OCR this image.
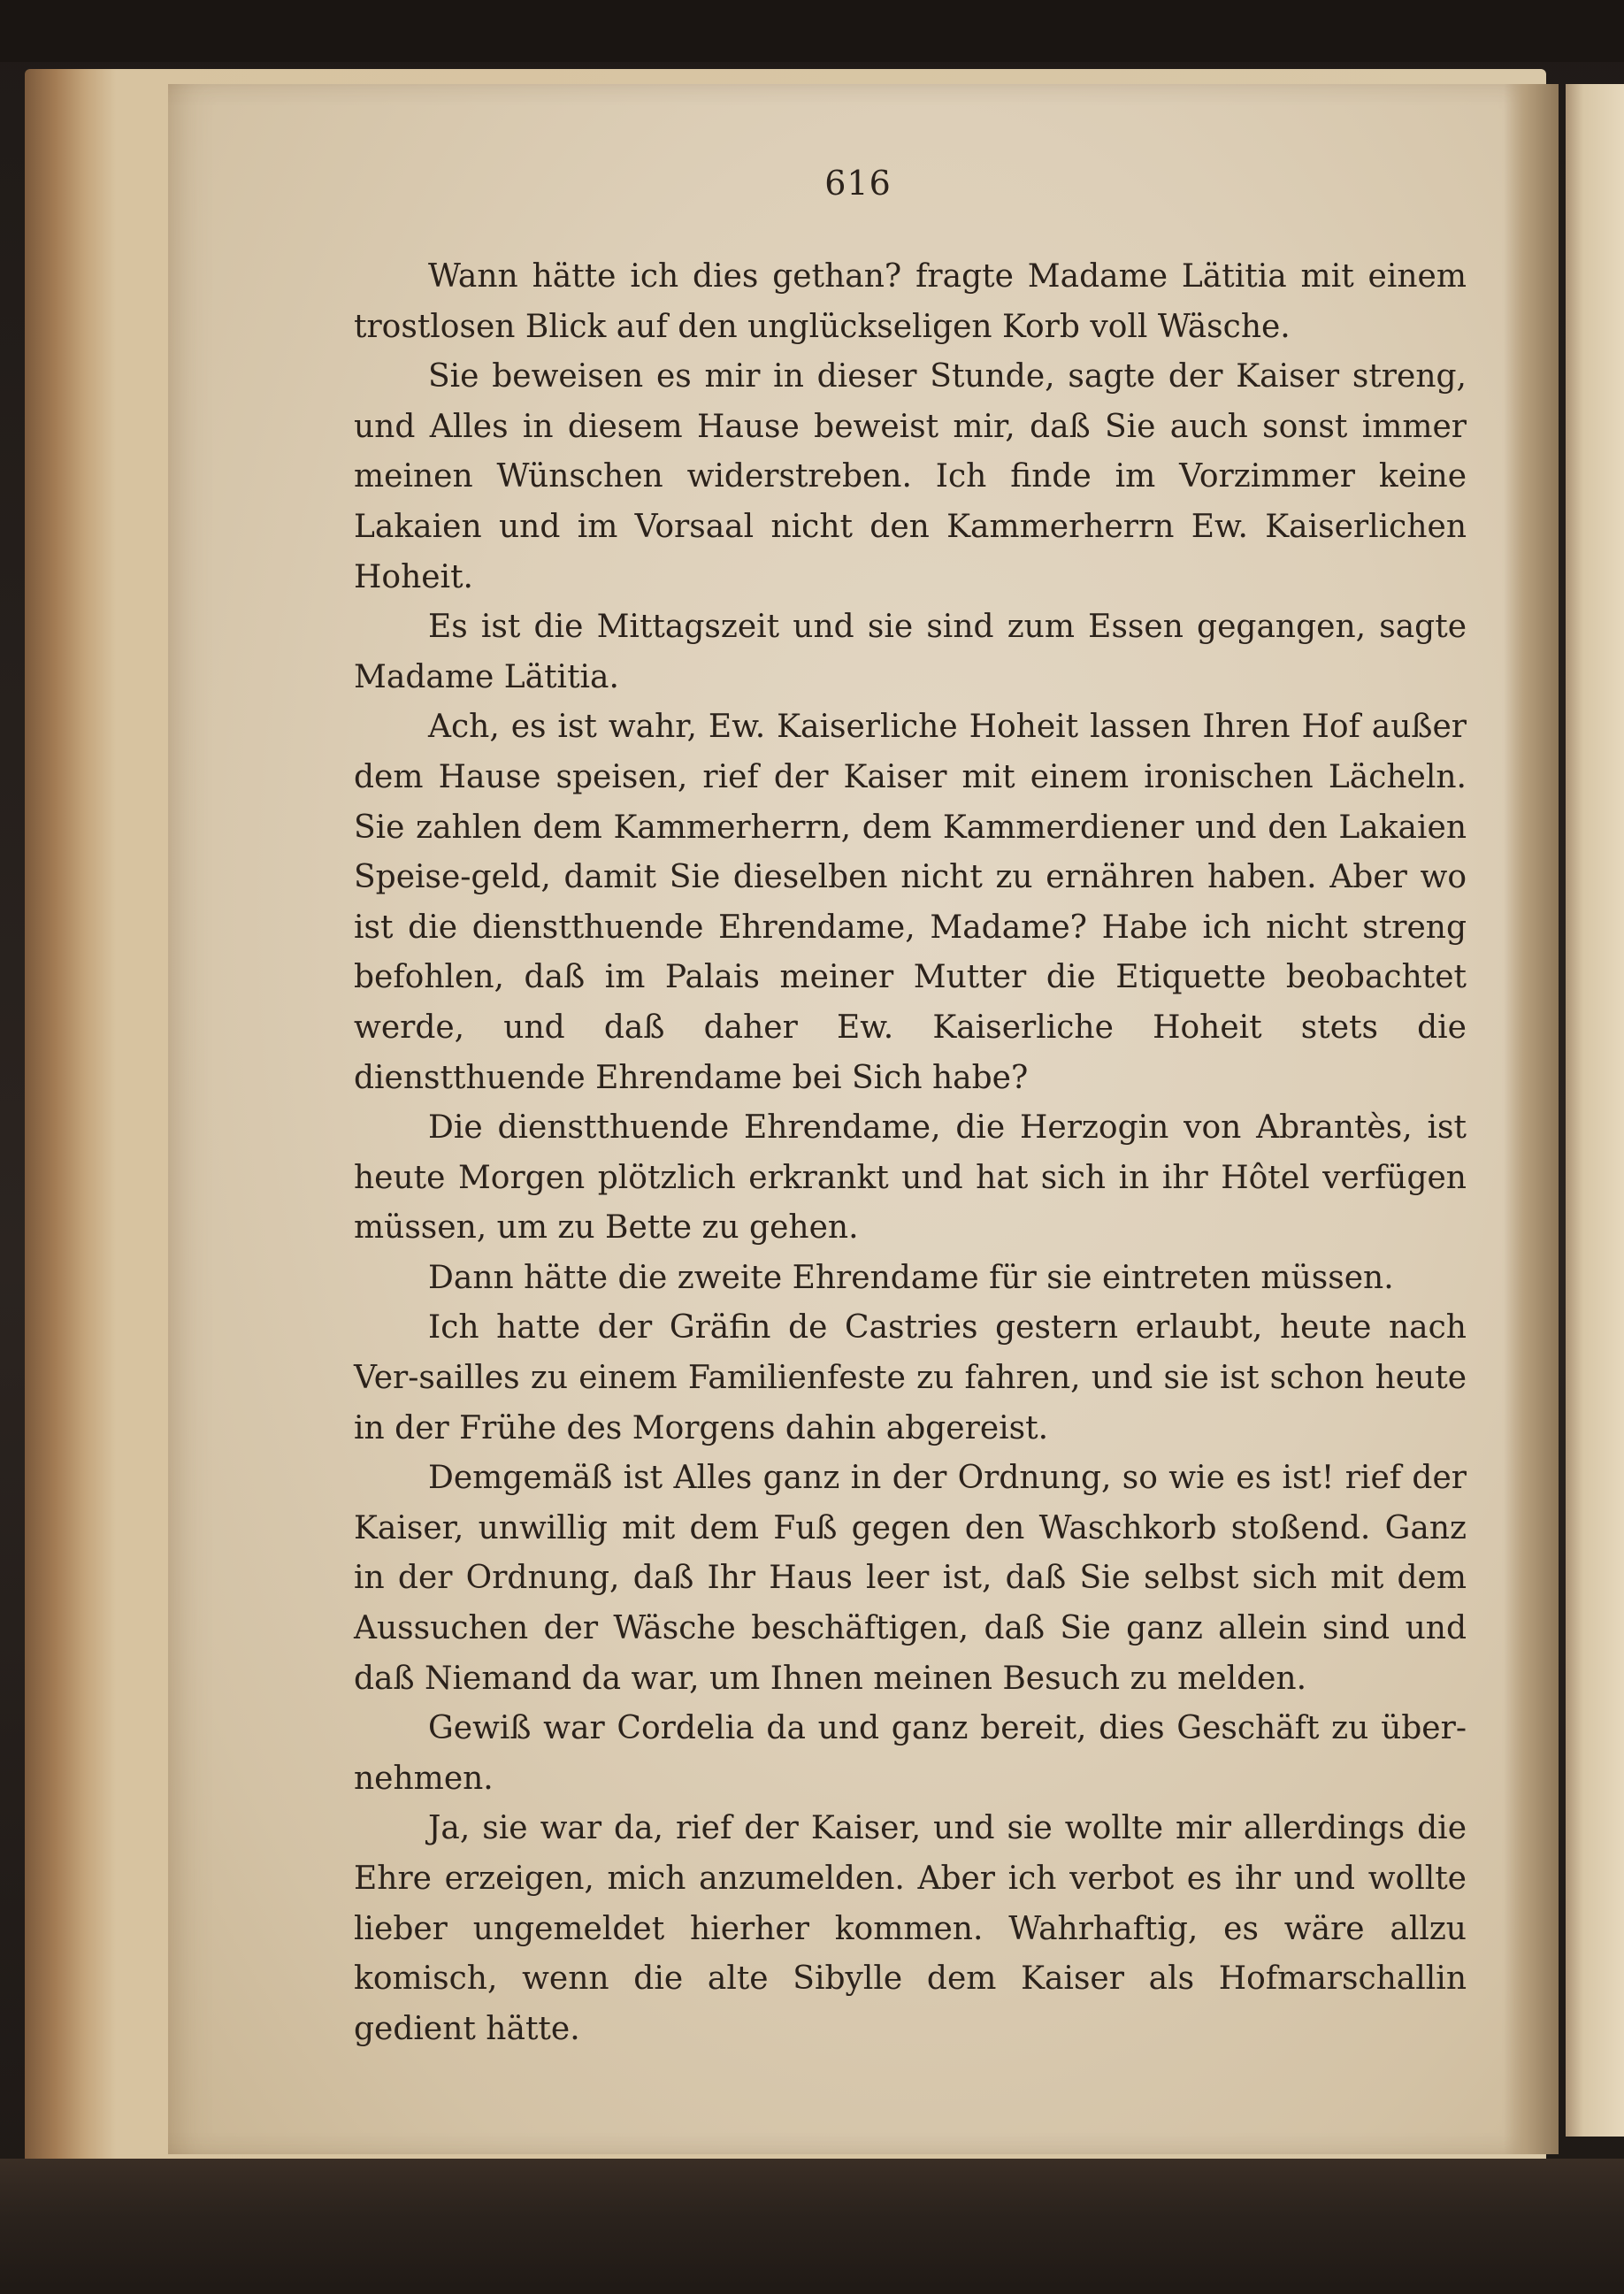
616

Wann hätte ich dies gethan? fragte Madame Lätitia mit einem trostlosen Blick auf den unglückseligen Korb voll Wäsche.

Sie beweisen es mir in dieser Stunde, sagte der Kaiser streng, und Alles in diesem Hause beweist mir, daß Sie auch sonst immer meinen Wünschen widerstreben. Ich finde im Vorzimmer keine Lakaien und im Vorsaal nicht den Kammerherrn Ew. Kaiserlichen Hoheit.

Es ist die Mittagszeit und sie sind zum Essen gegangen, sagte Madame Lätitia.

Ach, es ist wahr, Ew. Kaiserliche Hoheit lassen Ihren Hof außer dem Hause speisen, rief der Kaiser mit einem ironischen Lächeln. Sie zahlen dem Kammerherrn, dem Kammerdiener und den Lakaien Speise-geld, damit Sie dieselben nicht zu ernähren haben. Aber wo ist die dienstthuende Ehrendame, Madame? Habe ich nicht streng befohlen, daß im Palais meiner Mutter die Etiquette beobachtet werde, und daß daher Ew. Kaiserliche Hoheit stets die dienstthuende Ehrendame bei Sich habe?

Die dienstthuende Ehrendame, die Herzogin von Abrantès, ist heute Morgen plötzlich erkrankt und hat sich in ihr Hôtel verfügen müssen, um zu Bette zu gehen.

Dann hätte die zweite Ehrendame für sie eintreten müssen.

Ich hatte der Gräfin de Castries gestern erlaubt, heute nach Ver-sailles zu einem Familienfeste zu fahren, und sie ist schon heute in der Frühe des Morgens dahin abgereist.

Demgemäß ist Alles ganz in der Ordnung, so wie es ist! rief der Kaiser, unwillig mit dem Fuß gegen den Waschkorb stoßend. Ganz in der Ordnung, daß Ihr Haus leer ist, daß Sie selbst sich mit dem Aussuchen der Wäsche beschäftigen, daß Sie ganz allein sind und daß Niemand da war, um Ihnen meinen Besuch zu melden.

Gewiß war Cordelia da und ganz bereit, dies Geschäft zu über-nehmen.

Ja, sie war da, rief der Kaiser, und sie wollte mir allerdings die Ehre erzeigen, mich anzumelden. Aber ich verbot es ihr und wollte lieber ungemeldet hierher kommen. Wahrhaftig, es wäre allzu komisch, wenn die alte Sibylle dem Kaiser als Hofmarschallin gedient hätte.
